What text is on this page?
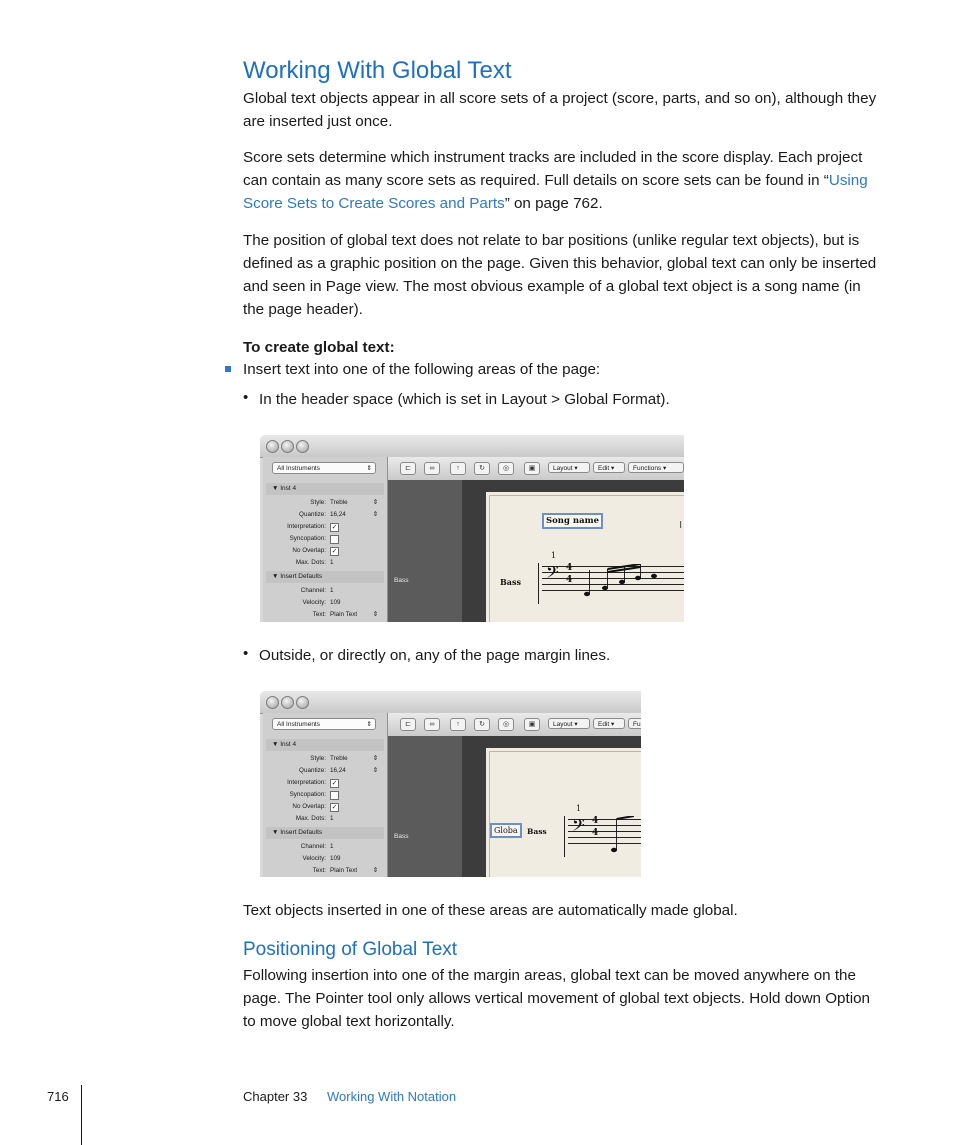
Working With Global Text
Global text objects appear in all score sets of a project (score, parts, and so on), although they are inserted just once.
Score sets determine which instrument tracks are included in the score display. Each project can contain as many score sets as required. Full details on score sets can be found in “Using Score Sets to Create Scores and Parts” on page 762.
The position of global text does not relate to bar positions (unlike regular text objects), but is defined as a graphic position on the page. Given this behavior, global text can only be inserted and seen in Page view. The most obvious example of a global text object is a song name (in the page header).
To create global text:
Insert text into one of the following areas of the page:
• In the header space (which is set in Layout > Global Format).
All Instruments	⇕
▼ Inst 4
Style: Treble	⇕
Quantize: 16,24	⇕
Interpretation: ✓
Syncopation:
No Overlap: ✓
Max. Dots: 1
▼ Insert Defaults
Channel: 1
Velocity: 109
Text: Plain Text ⇕
⊏	∞	↑	↻	◎	▣	Layout ▾	Edit ▾	Functions ▾
Bass
Song name	I
1
Bass 𝄢 4
4
• Outside, or directly on, any of the page margin lines.
All Instruments	⇕
▼ Inst 4
Style: Treble	⇕
Quantize: 16,24	⇕
Interpretation: ✓
Syncopation:
No Overlap: ✓
Max. Dots: 1
▼ Insert Defaults
Channel: 1
Velocity: 109
Text: Plain Text ⇕
⊏	∞	↑	↻	◎	▣	Layout ▾	Edit ▾	Fu
Bass
Globa	Bass
1
𝄢 4
4
Text objects inserted in one of these areas are automatically made global.
Positioning of Global Text
Following insertion into one of the margin areas, global text can be moved anywhere on the page. The Pointer tool only allows vertical movement of global text objects. Hold down Option to move global text horizontally.
716	Chapter 33 Working With Notation
